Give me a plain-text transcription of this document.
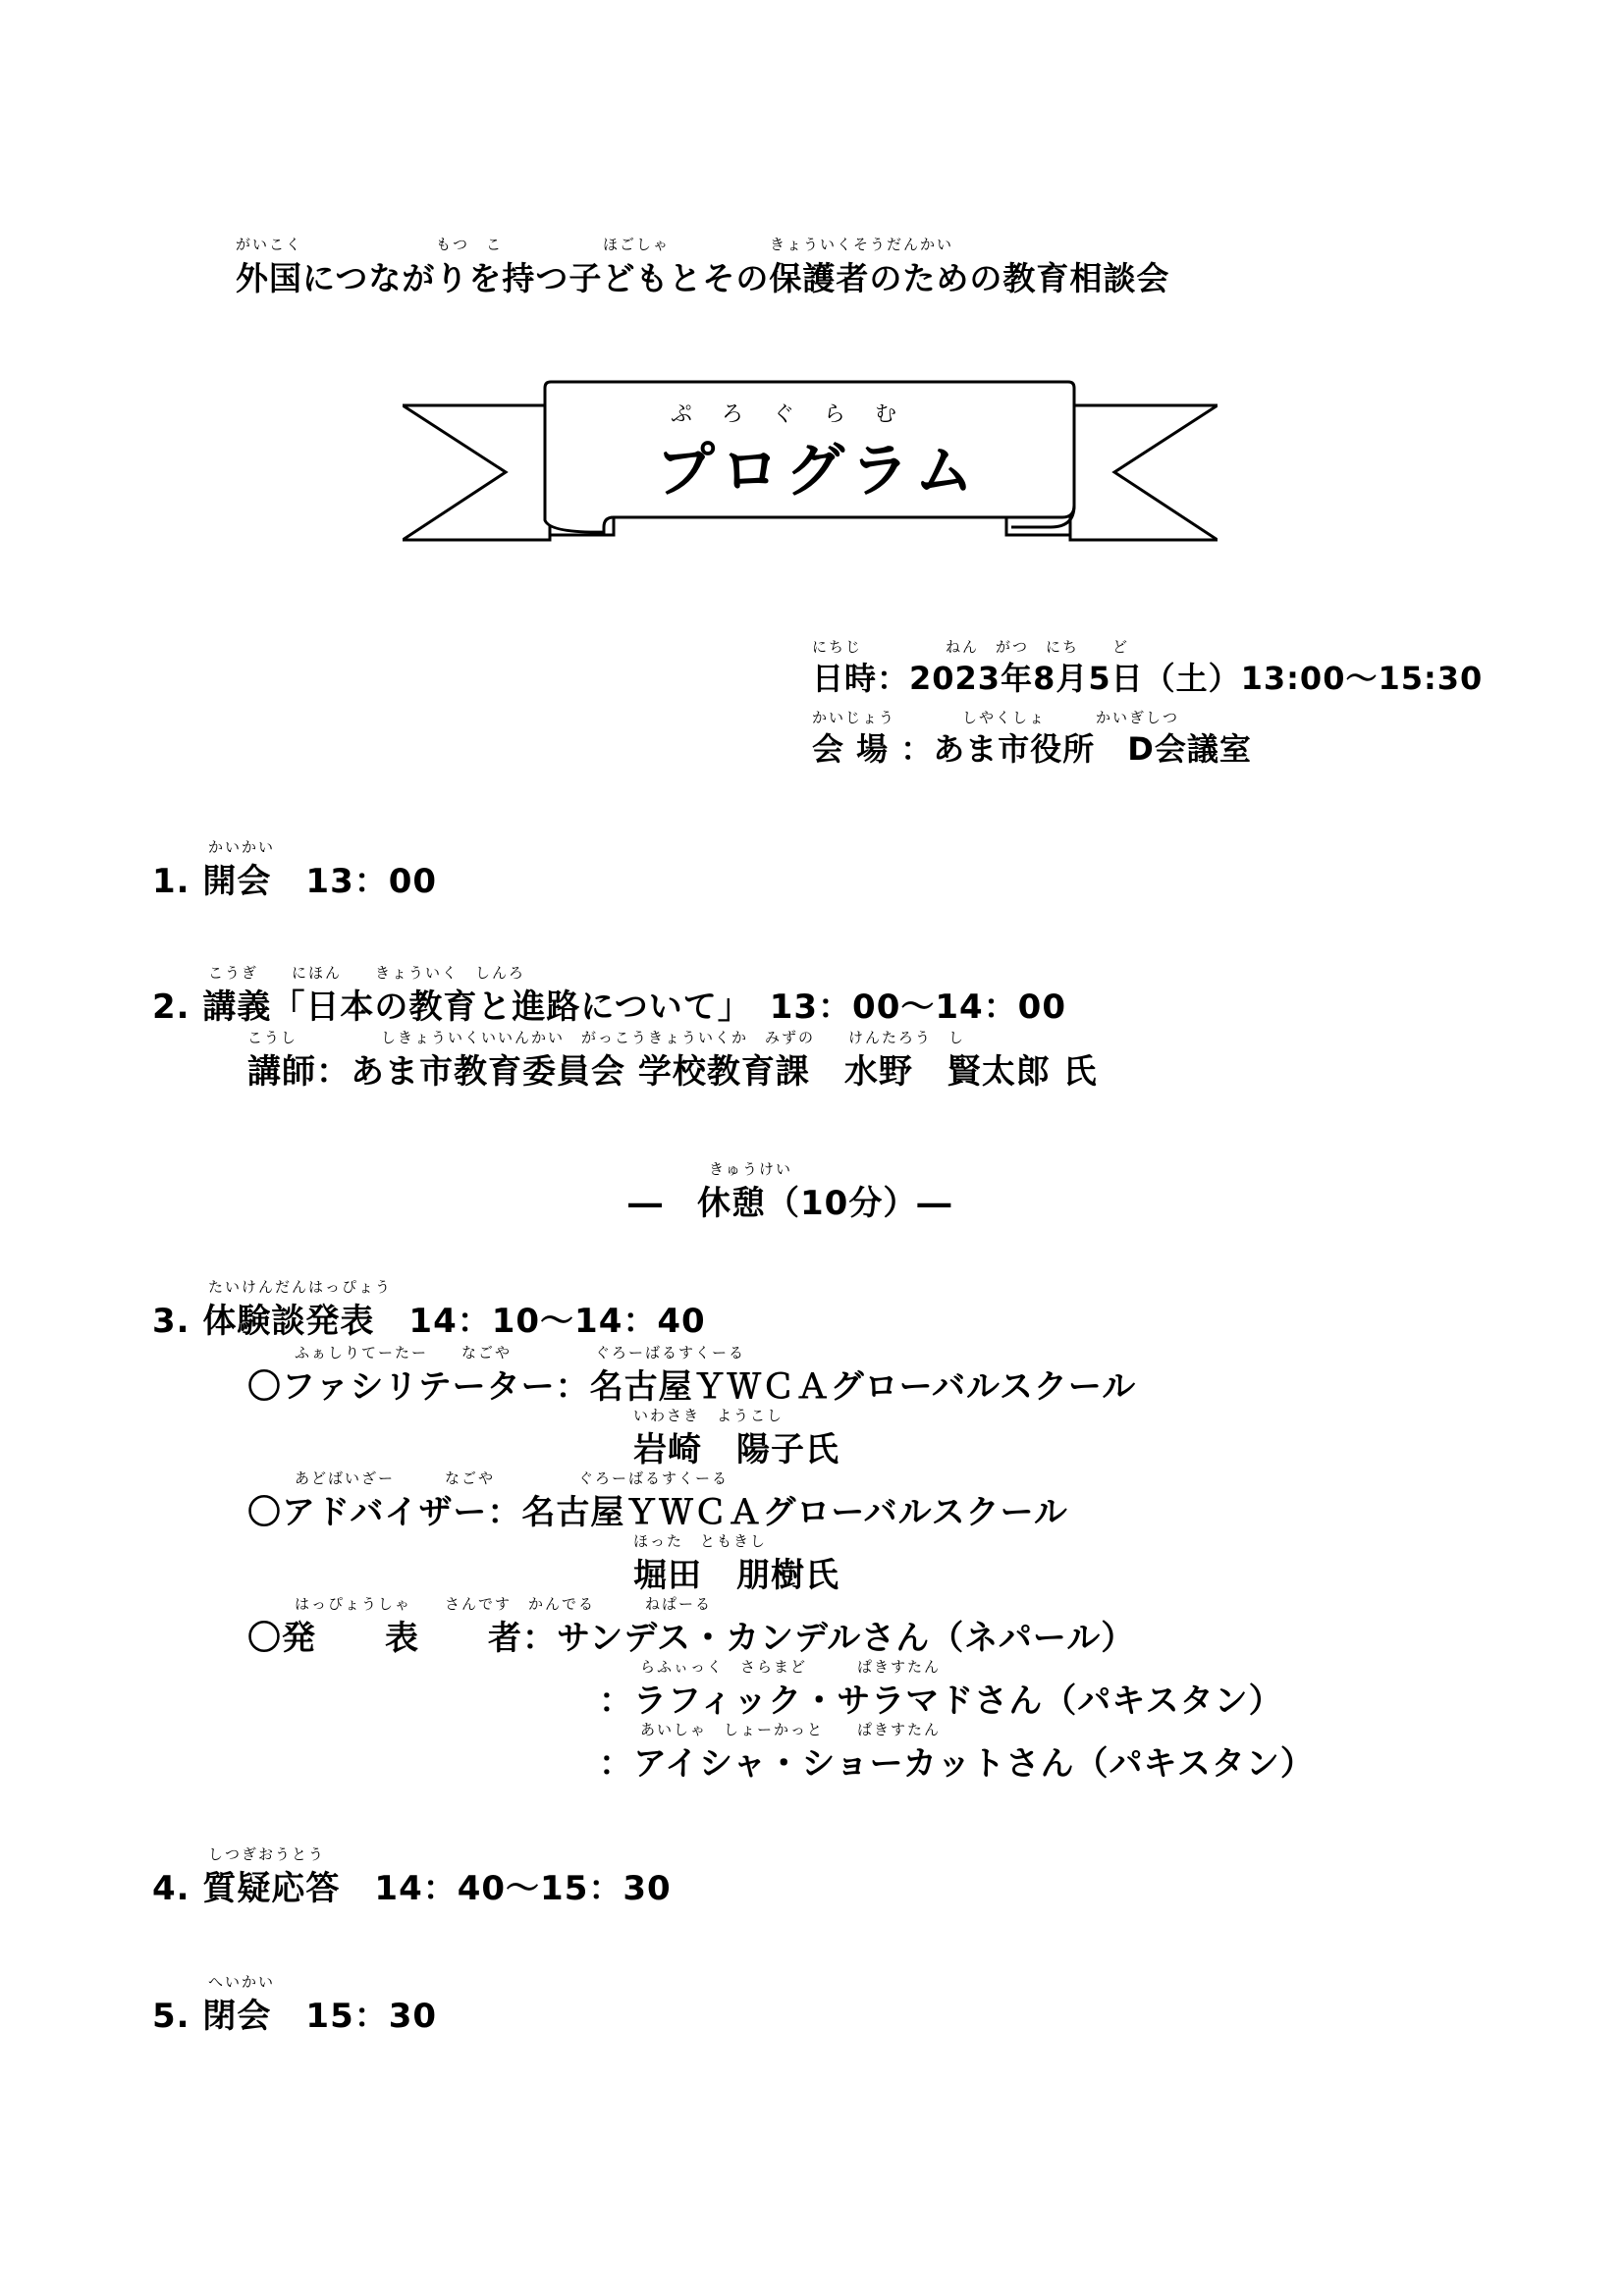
がいこく　　　　　　　　もつ　こ　　　　　　ほごしゃ　　　　　　きょういくそうだんかい
外国につながりを持つ子どもとその保護者のための教育相談会
ぷろぐらむ
プログラム
にちじ　　　　　ねん　がつ　にち　　ど
日時：2023年8月5日（土）13:00〜15:30
かいじょう　　　　しやくしょ　　　かいぎしつ
会 場 ：あま市役所　D会議室
かいかい
1. 開会　13：00
こうぎ　　にほん　　きょういく　しんろ
2. 講義「日本の教育と進路について」　13：00〜14：00
こうし　　　　　しきょういくいいんかい　がっこうきょういくか　みずの　　けんたろう　し
講師：あま市教育委員会 学校教育課　水野　賢太郎 氏
きゅうけい
―　休憩（10分）―
たいけんだんはっぴょう
3. 体験談発表　14：10〜14：40
ふぁしりてーたー　　なごや　　　　　ぐろーばるすくーる
〇ファシリテーター：名古屋ＹＷＣＡグローバルスクール
いわさき　ようこし
岩崎　陽子氏
あどばいざー　　　なごや　　　　　ぐろーばるすくーる
〇アドバイザー：名古屋ＹＷＣＡグローバルスクール
ほった　ともきし
堀田　朋樹氏
はっぴょうしゃ　　さんです　かんでる　　　ねぱーる
〇発　　表　　者：サンデス・カンデルさん（ネパール）
らふぃっく　さらまど　　　ぱきすたん
：ラフィック・サラマドさん（パキスタン）
あいしゃ　しょーかっと　　ぱきすたん
：アイシャ・ショーカットさん（パキスタン）
しつぎおうとう
4. 質疑応答　14：40〜15：30
へいかい
5. 閉会　15：30
